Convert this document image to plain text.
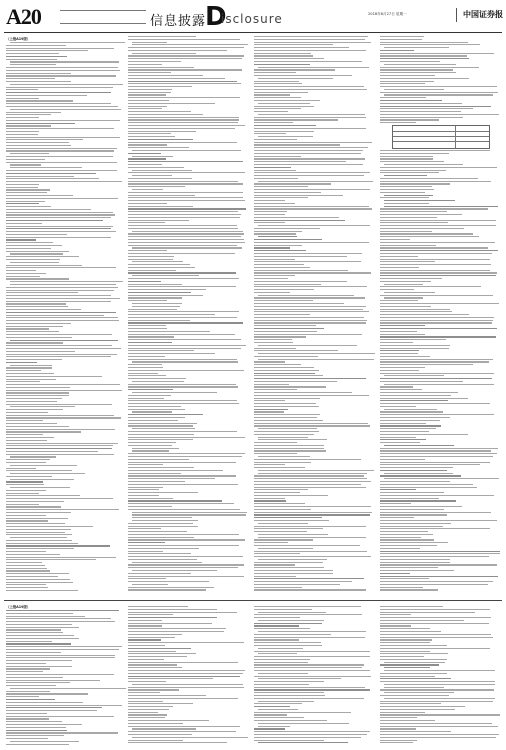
A20	信息披露
D
isclosure	2018年8月27日 星期一	中国证券报
（上接A19版）
（上接A19版）
